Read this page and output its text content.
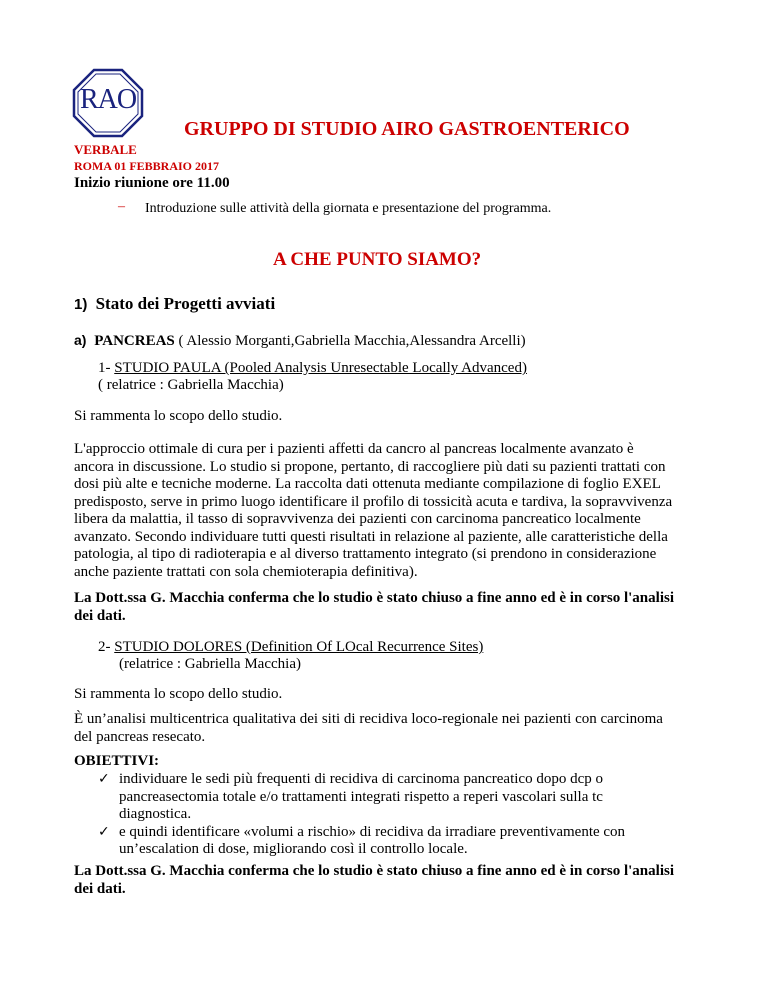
RAO
GRUPPO DI STUDIO AIRO GASTROENTERICO
VERBALE
ROMA 01 FEBBRAIO 2017
Inizio riunione ore 11.00
– Introduzione sulle attività della giornata e presentazione del programma.
A CHE PUNTO SIAMO?
1) Stato dei Progetti avviati
a) PANCREAS ( Alessio Morganti,Gabriella Macchia,Alessandra Arcelli)
1- STUDIO PAULA (Pooled Analysis Unresectable Locally Advanced)
( relatrice : Gabriella Macchia)
Si rammenta lo scopo dello studio.
L'approccio ottimale di cura per i pazienti affetti da cancro al pancreas localmente avanzato è
ancora in discussione. Lo studio si propone, pertanto, di raccogliere più dati su pazienti trattati con
dosi più alte e tecniche moderne. La raccolta dati ottenuta mediante compilazione di foglio EXEL
predisposto, serve in primo luogo identificare il profilo di tossicità acuta e tardiva, la sopravvivenza
libera da malattia, il tasso di sopravvivenza dei pazienti con carcinoma pancreatico localmente
avanzato. Secondo individuare tutti questi risultati in relazione al paziente, alle caratteristiche della
patologia, al tipo di radioterapia e al diverso trattamento integrato (si prendono in considerazione
anche paziente trattati con sola chemioterapia definitiva).
La Dott.ssa G. Macchia conferma che lo studio è stato chiuso a fine anno ed è in corso l'analisi
dei dati.
2- STUDIO DOLORES (Definition Of LOcal Recurrence Sites)
(relatrice : Gabriella Macchia)
Si rammenta lo scopo dello studio.
È un’analisi multicentrica qualitativa dei siti di recidiva loco-regionale nei pazienti con carcinoma
del pancreas resecato.
OBIETTIVI:
✓ individuare le sedi più frequenti di recidiva di carcinoma pancreatico dopo dcp o
pancreasectomia totale e/o trattamenti integrati rispetto a reperi vascolari sulla tc
diagnostica.
✓ e quindi identificare «volumi a rischio» di recidiva da irradiare preventivamente con
un’escalation di dose, migliorando così il controllo locale.
La Dott.ssa G. Macchia conferma che lo studio è stato chiuso a fine anno ed è in corso l'analisi
dei dati.
